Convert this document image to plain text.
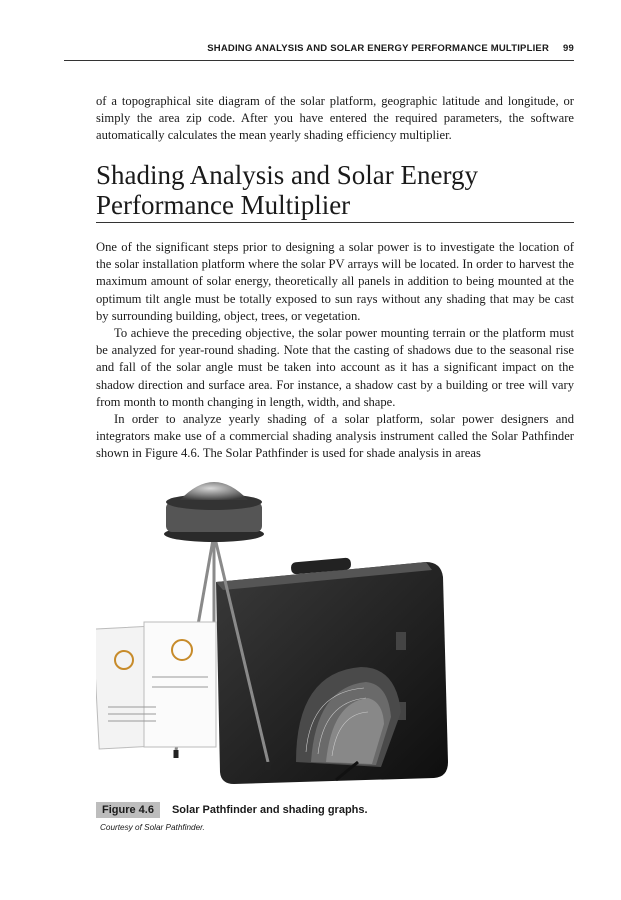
SHADING ANALYSIS AND SOLAR ENERGY PERFORMANCE MULTIPLIER 99

of a topographical site diagram of the solar platform, geographic latitude and longitude, or simply the area zip code. After you have entered the required parameters, the software automatically calculates the mean yearly shading efficiency multiplier.

Shading Analysis and Solar Energy Performance Multiplier

One of the significant steps prior to designing a solar power is to investigate the location of the solar installation platform where the solar PV arrays will be located. In order to harvest the maximum amount of solar energy, theoretically all panels in addition to being mounted at the optimum tilt angle must be totally exposed to sun rays without any shading that may be cast by surrounding building, object, trees, or vegetation.

To achieve the preceding objective, the solar power mounting terrain or the platform must be analyzed for year-round shading. Note that the casting of shadows due to the seasonal rise and fall of the solar angle must be taken into account as it has a significant impact on the shadow direction and surface area. For instance, a shadow cast by a building or tree will vary from month to month changing in length, width, and shape.

In order to analyze yearly shading of a solar platform, solar power designers and integrators make use of a commercial shading analysis instrument called the Solar Pathfinder shown in Figure 4.6. The Solar Pathfinder is used for shade analysis in areas

Figure 4.6 Solar Pathfinder and shading graphs.
Courtesy of Solar Pathfinder.
